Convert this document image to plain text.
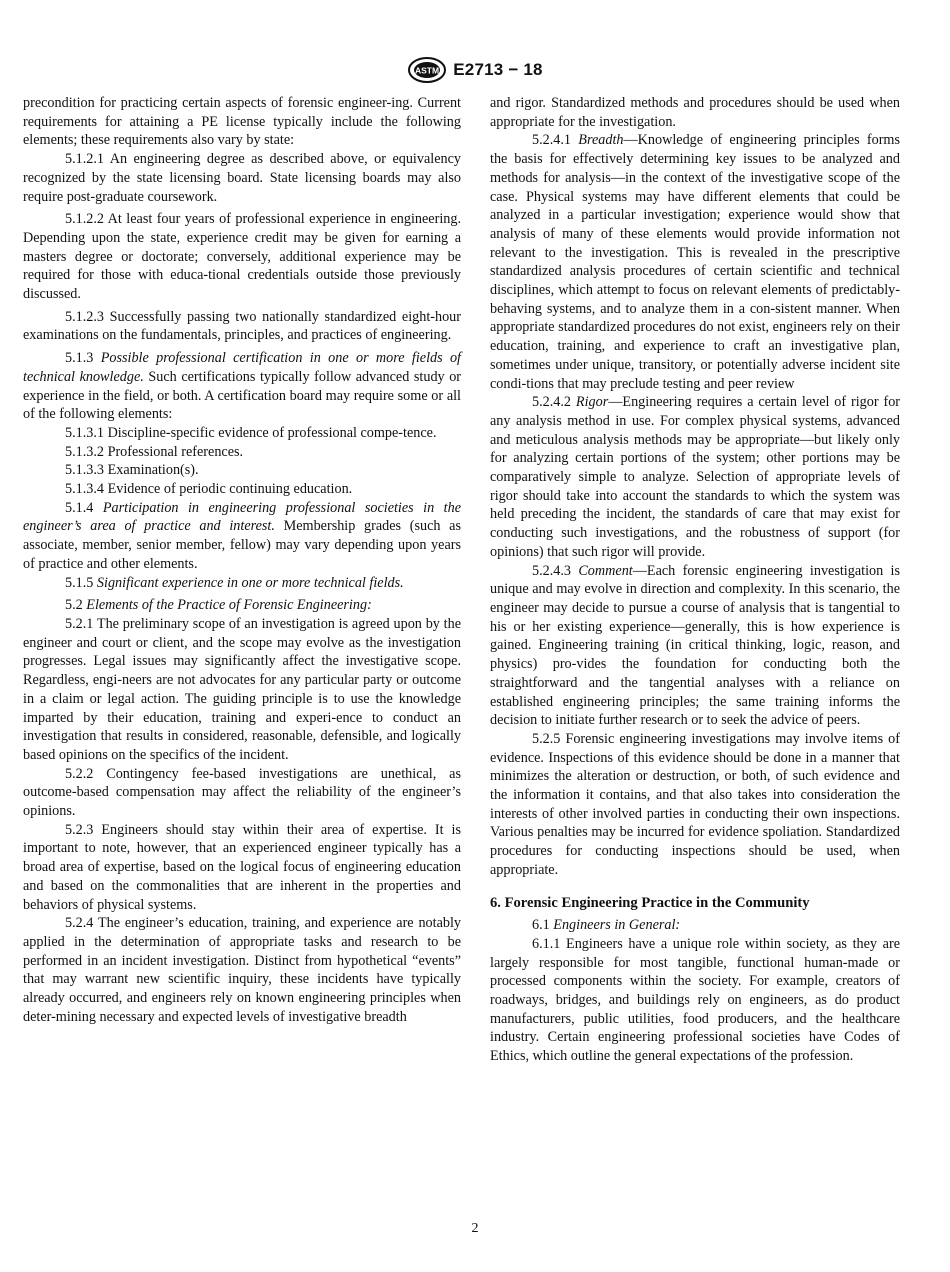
ASTM E2713 − 18

precondition for practicing certain aspects of forensic engineer-ing. Current requirements for attaining a PE license typically include the following elements; these requirements also vary by state:

5.1.2.1 An engineering degree as described above, or equivalency recognized by the state licensing board. State licensing boards may also require post-graduate coursework.

5.1.2.2 At least four years of professional experience in engineering. Depending upon the state, experience credit may be given for earning a masters degree or doctorate; conversely, additional experience may be required for those with educa-tional credentials outside those previously discussed.

5.1.2.3 Successfully passing two nationally standardized eight-hour examinations on the fundamentals, principles, and practices of engineering.

5.1.3 Possible professional certification in one or more fields of technical knowledge. Such certifications typically follow advanced study or experience in the field, or both. A certification board may require some or all of the following elements:

5.1.3.1 Discipline-specific evidence of professional compe-tence.

5.1.3.2 Professional references.

5.1.3.3 Examination(s).

5.1.3.4 Evidence of periodic continuing education.

5.1.4 Participation in engineering professional societies in the engineer’s area of practice and interest. Membership grades (such as associate, member, senior member, fellow) may vary depending upon years of practice and other elements.

5.1.5 Significant experience in one or more technical fields.

5.2 Elements of the Practice of Forensic Engineering:

5.2.1 The preliminary scope of an investigation is agreed upon by the engineer and court or client, and the scope may evolve as the investigation progresses. Legal issues may significantly affect the investigative scope. Regardless, engi-neers are not advocates for any particular party or outcome in a claim or legal action. The guiding principle is to use the knowledge imparted by their education, training and experi-ence to conduct an investigation that results in considered, reasonable, defensible, and logically based opinions on the specifics of the incident.

5.2.2 Contingency fee-based investigations are unethical, as outcome-based compensation may affect the reliability of the engineer’s opinions.

5.2.3 Engineers should stay within their area of expertise. It is important to note, however, that an experienced engineer typically has a broad area of expertise, based on the logical focus of engineering education and based on the commonalities that are inherent in the properties and behaviors of physical systems.

5.2.4 The engineer’s education, training, and experience are notably applied in the determination of appropriate tasks and research to be performed in an incident investigation. Distinct from hypothetical “events” that may warrant new scientific inquiry, these incidents have typically already occurred, and engineers rely on known engineering principles when deter-mining necessary and expected levels of investigative breadth

and rigor. Standardized methods and procedures should be used when appropriate for the investigation.

5.2.4.1 Breadth—Knowledge of engineering principles forms the basis for effectively determining key issues to be analyzed and methods for analysis—in the context of the investigative scope of the case. Physical systems may have different elements that could be analyzed in a particular investigation; experience would show that analysis of many of these elements would provide information not relevant to the investigation. This is revealed in the prescriptive standardized analysis procedures of certain scientific and technical disciplines, which attempt to focus on relevant elements of predictably-behaving systems, and to analyze them in a con-sistent manner. When appropriate standardized procedures do not exist, engineers rely on their education, training, and experience to craft an investigative plan, sometimes under unique, transitory, or potentially adverse incident site condi-tions that may preclude testing and peer review

5.2.4.2 Rigor—Engineering requires a certain level of rigor for any analysis method in use. For complex physical systems, advanced and meticulous analysis methods may be appropriate—but likely only for analyzing certain portions of the system; other portions may be comparatively simple to analyze. Selection of appropriate levels of rigor should take into account the standards to which the system was held preceding the incident, the standards of care that may exist for conducting such investigations, and the robustness of support (for opinions) that such rigor will provide.

5.2.4.3 Comment—Each forensic engineering investigation is unique and may evolve in direction and complexity. In this scenario, the engineer may decide to pursue a course of analysis that is tangential to his or her existing experience—generally, this is how experience is gained. Engineering training (in critical thinking, logic, reason, and physics) pro-vides the foundation for conducting both the straightforward and the tangential analyses with a reliance on established engineering principles; the same training informs the decision to initiate further research or to seek the advice of peers.

5.2.5 Forensic engineering investigations may involve items of evidence. Inspections of this evidence should be done in a manner that minimizes the alteration or destruction, or both, of such evidence and the information it contains, and that also takes into consideration the interests of other involved parties in conducting their own inspections. Various penalties may be incurred for evidence spoliation. Standardized procedures for conducting inspections should be used, when appropriate.

6. Forensic Engineering Practice in the Community

6.1 Engineers in General:

6.1.1 Engineers have a unique role within society, as they are largely responsible for most tangible, functional human-made or processed components within the society. For example, creators of roadways, bridges, and buildings rely on engineers, as do product manufacturers, public utilities, food producers, and the healthcare industry. Certain engineering professional societies have Codes of Ethics, which outline the general expectations of the profession.

2
